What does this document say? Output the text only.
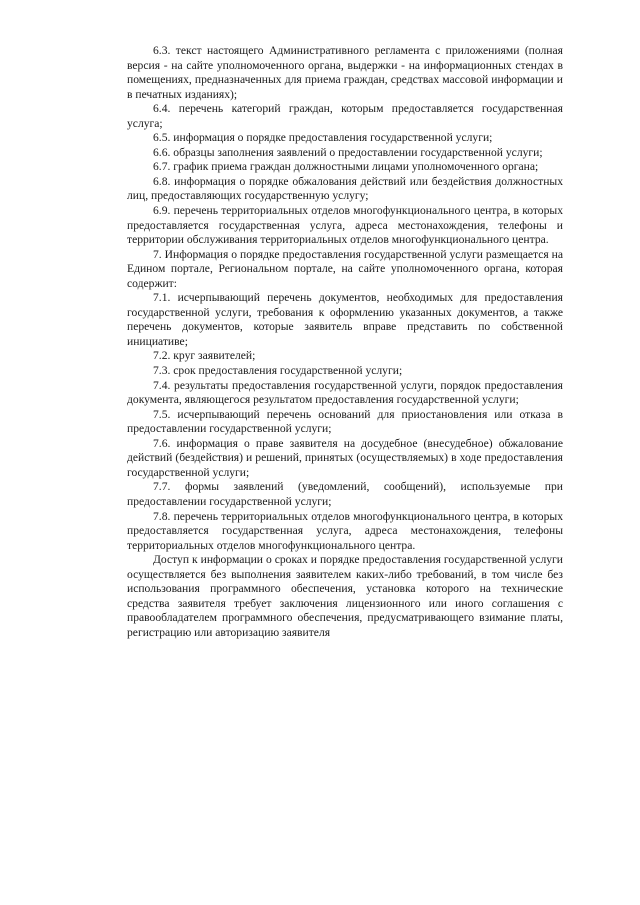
6.3. текст настоящего Административного регламента с приложениями (полная версия - на сайте уполномоченного органа, выдержки - на информационных стендах в помещениях, предназначенных для приема граждан, средствах массовой информации и в печатных изданиях);

6.4. перечень категорий граждан, которым предоставляется государственная услуга;

6.5. информация о порядке предоставления государственной услуги;

6.6. образцы заполнения заявлений о предоставлении государственной услуги;

6.7. график приема граждан должностными лицами уполномоченного органа;

6.8. информация о порядке обжалования действий или бездействия должностных лиц, предоставляющих государственную услугу;

6.9. перечень территориальных отделов многофункционального центра, в которых предоставляется государственная услуга, адреса местонахождения, телефоны и территории обслуживания территориальных отделов многофункционального центра.

7. Информация о порядке предоставления государственной услуги размещается на Едином портале, Региональном портале, на сайте уполномоченного органа, которая содержит:

7.1. исчерпывающий перечень документов, необходимых для предоставления государственной услуги, требования к оформлению указанных документов, а также перечень документов, которые заявитель вправе представить по собственной инициативе;

7.2. круг заявителей;

7.3. срок предоставления государственной услуги;

7.4. результаты предоставления государственной услуги, порядок предоставления документа, являющегося результатом предоставления государственной услуги;

7.5. исчерпывающий перечень оснований для приостановления или отказа в предоставлении государственной услуги;

7.6. информация о праве заявителя на досудебное (внесудебное) обжалование действий (бездействия) и решений, принятых (осуществляемых) в ходе предоставления государственной услуги;

7.7. формы заявлений (уведомлений, сообщений), используемые при предоставлении государственной услуги;

7.8. перечень территориальных отделов многофункционального центра, в которых предоставляется государственная услуга, адреса местонахождения, телефоны территориальных отделов многофункционального центра.

Доступ к информации о сроках и порядке предоставления государственной услуги осуществляется без выполнения заявителем каких-либо требований, в том числе без использования программного обеспечения, установка которого на технические средства заявителя требует заключения лицензионного или иного соглашения с правообладателем программного обеспечения, предусматривающего взимание платы, регистрацию или авторизацию заявителя
